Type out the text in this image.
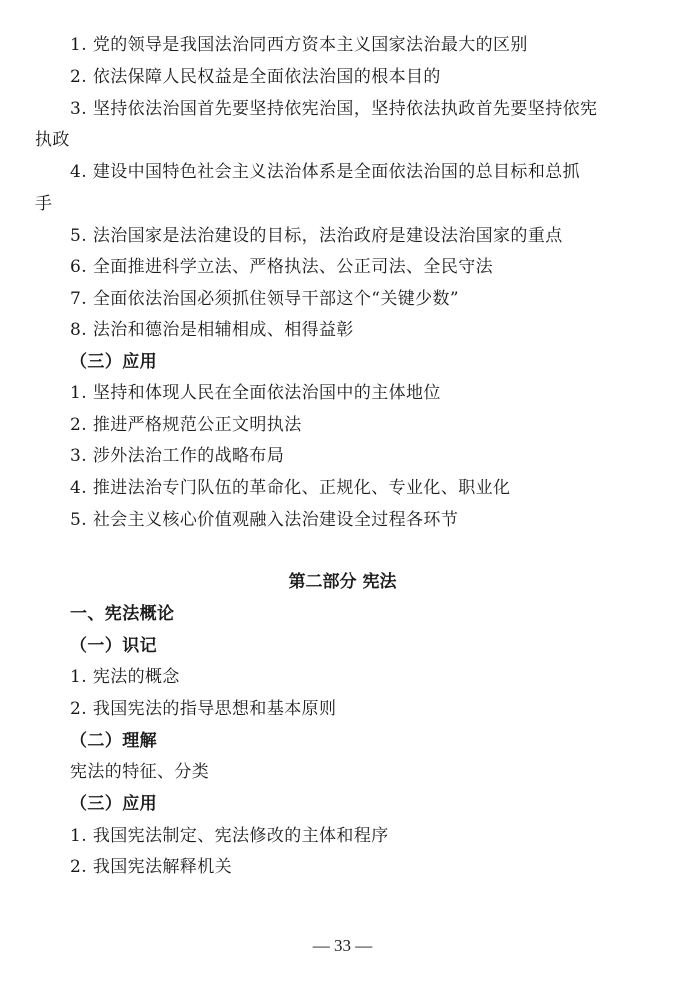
1. 党的领导是我国法治同西方资本主义国家法治最大的区别
2. 依法保障人民权益是全面依法治国的根本目的
3. 坚持依法治国首先要坚持依宪治国，坚持依法执政首先要坚持依宪
执政
4. 建设中国特色社会主义法治体系是全面依法治国的总目标和总抓
手
5. 法治国家是法治建设的目标，法治政府是建设法治国家的重点
6. 全面推进科学立法、严格执法、公正司法、全民守法
7. 全面依法治国必须抓住领导干部这个“关键少数”
8. 法治和德治是相辅相成、相得益彰
（三）应用
1. 坚持和体现人民在全面依法治国中的主体地位
2. 推进严格规范公正文明执法
3. 涉外法治工作的战略布局
4. 推进法治专门队伍的革命化、正规化、专业化、职业化
5. 社会主义核心价值观融入法治建设全过程各环节
第二部分 宪法
一、宪法概论
（一）识记
1. 宪法的概念
2. 我国宪法的指导思想和基本原则
（二）理解
宪法的特征、分类
（三）应用
1. 我国宪法制定、宪法修改的主体和程序
2. 我国宪法解释机关
— 33 —
